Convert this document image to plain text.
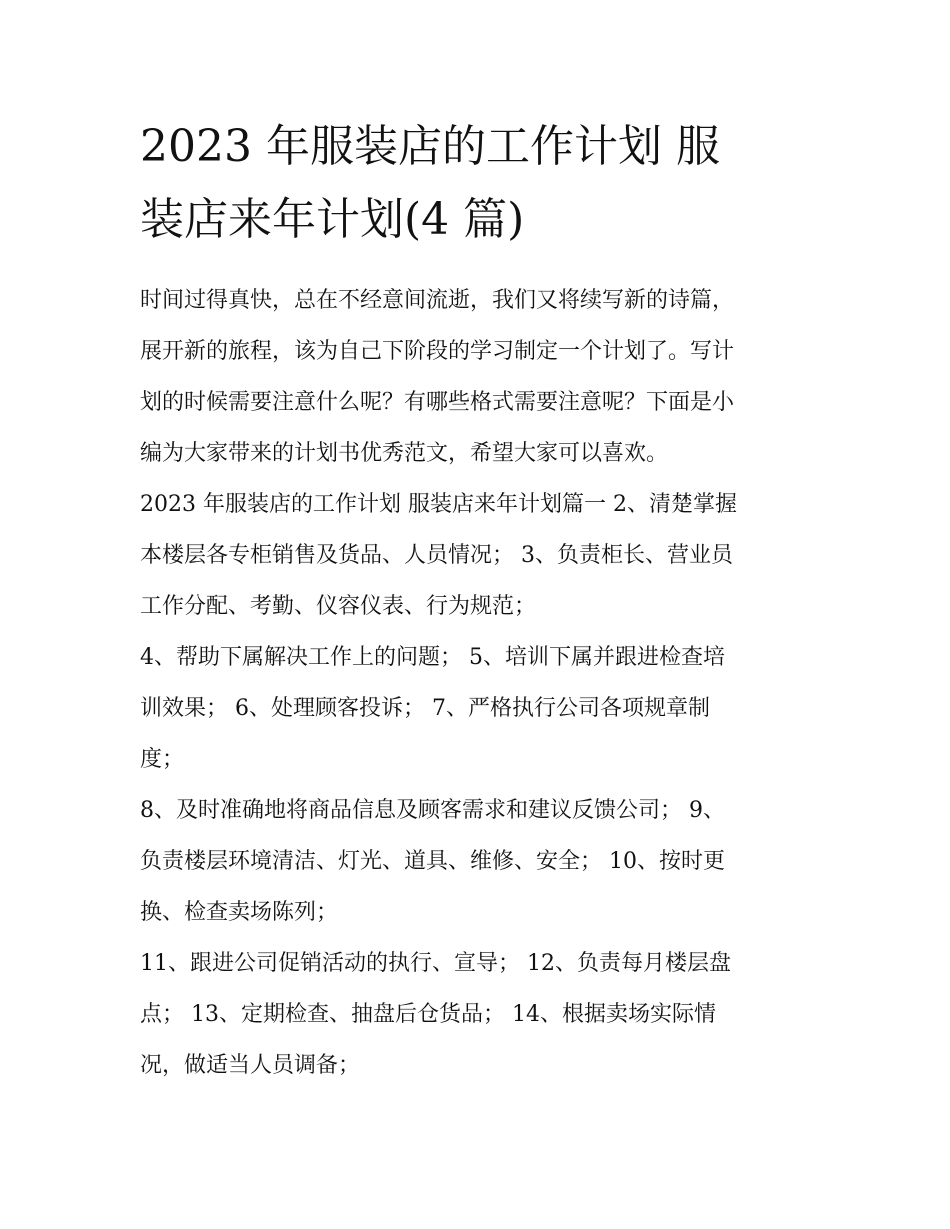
2023 年服装店的工作计划 服
装店来年计划(4 篇)

时间过得真快，总在不经意间流逝，我们又将续写新的诗篇，

展开新的旅程，该为自己下阶段的学习制定一个计划了。写计

划的时候需要注意什么呢？有哪些格式需要注意呢？下面是小

编为大家带来的计划书优秀范文，希望大家可以喜欢。

2023 年服装店的工作计划 服装店来年计划篇一 2、清楚掌握

本楼层各专柜销售及货品、人员情况； 3、负责柜长、营业员

工作分配、考勤、仪容仪表、行为规范；

4、帮助下属解决工作上的问题； 5、培训下属并跟进检查培

训效果； 6、处理顾客投诉； 7、严格执行公司各项规章制

度；

8、及时准确地将商品信息及顾客需求和建议反馈公司； 9、

负责楼层环境清洁、灯光、道具、维修、安全； 10、按时更

换、检查卖场陈列；

11、跟进公司促销活动的执行、宣导； 12、负责每月楼层盘

点； 13、定期检查、抽盘后仓货品； 14、根据卖场实际情

况，做适当人员调备；
